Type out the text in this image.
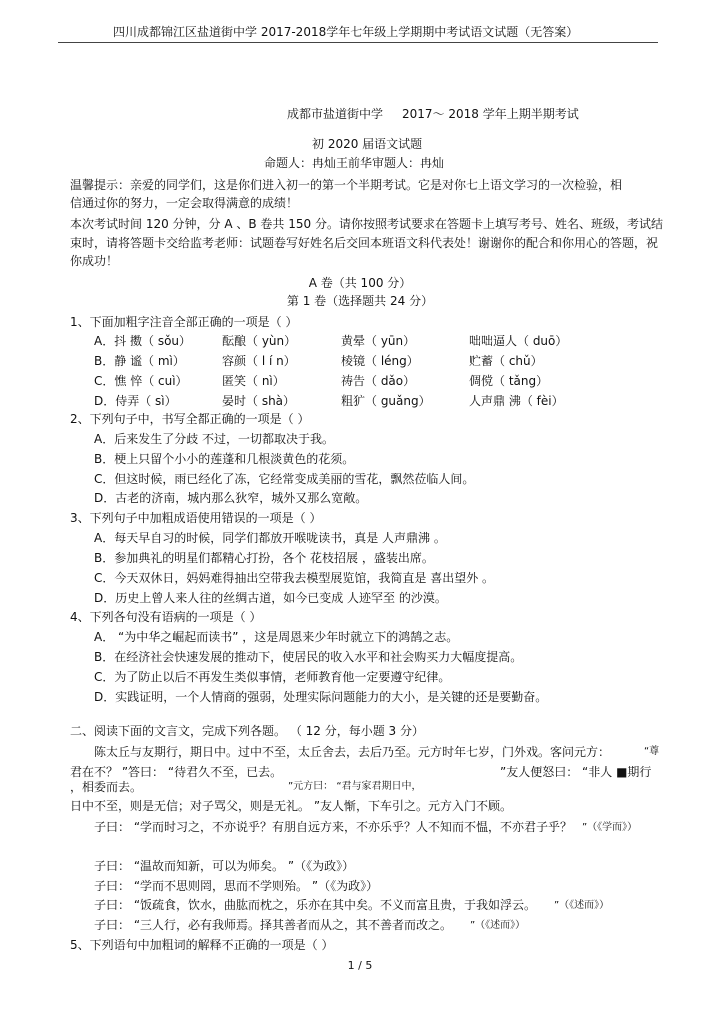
四川成都锦江区盐道街中学 2017-2018学年七年级上学期期中考试语文试题（无答案）
成都市盐道街中学 2017～ 2018 学年上期半期考试
初 2020 届语文试题
命题人：冉灿王前华审题人：冉灿
温馨提示：亲爱的同学们，这是你们进入初一的第一个半期考试。它是对你七上语文学习的一次检验，相
信通过你的努力，一定会取得满意的成绩！
本次考试时间 120 分钟，分 A 、B 卷共 150 分。请你按照考试要求在答题卡上填写考号、姓名、班级，考试结
束时，请将答题卡交给监考老师：试题卷写好姓名后交回本班语文科代表处！谢谢你的配合和你用心的答题，祝
你成功！
A 卷（共 100 分）
第 1 卷（选择题共 24 分）
1、下面加粗字注音全部正确的一项是（ ）
A．抖 擞（ sǒu）	酝酿（ yùn）	黄晕（ yūn）	咄咄逼人（ duō）
B．静 谧（ mì）	容颜（ l í n）	棱镜（ léng）	贮蓄（ chǔ）
C．憔 悴（ cuì）	匿笑（ nì）	祷告（ dǎo）	倜傥（ tǎng）
D．侍弄（ sì）	晏时（ shà）	粗犷（ guǎng）	人声鼎 沸（ fèi）
2、下列句子中，书写全都正确的一项是（ ）
A．后来发生了分歧 不过，一切都取决于我。
B．梗上只留个小小的莲蓬和几根淡黄色的花须。
C．但这时候，雨已经化了冻，它经常变成美丽的雪花，飘然莅临人间。
D．古老的济南，城内那么狄窄，城外又那么宽敞。
3、下列句子中加粗成语使用错误的一项是（ ）
A．每天早自习的时候，同学们都放开喉咙读书，真是 人声鼎沸 。
B．参加典礼的明星们都精心打扮，各个 花枝招展 ，盛装出席。
C．今天双休日，妈妈难得抽出空带我去模型展览馆，我简直是 喜出望外 。
D．历史上曾人来人往的丝绸古道，如今已变成 人迹罕至 的沙漠。
4、下列各句没有语病的一项是（ ）
A． “为中华之崛起而读书” ，这是周恩来少年时就立下的鸿鹄之志。
B．在经济社会快速发展的推动下，使居民的收入水平和社会购买力大幅度提高。
C．为了防止以后不再发生类似事情，老师教育他一定要遵守纪律。
D．实践证明，一个人情商的强弱，处理实际问题能力的大小，是关键的还是要勤奋。
二、阅读下面的文言文，完成下列各题。 （ 12 分，每小题 3 分）
陈太丘与友期行，期日中。过中不至，太丘舍去，去后乃至。元方时年七岁，门外戏。客问元方：	“尊
君在不？ ”答曰： “待君久不至，已去。	”友人便怒曰： “非人 ■期行
，相委而去。	”元方曰： “君与家君期日中，
日中不至，则是无信；对子骂父，则是无礼。 ”友人惭，下车引之。元方入门不顾。
子曰： “学而时习之，不亦说乎？有朋自远方来，不亦乐乎？人不知而不愠，不亦君子乎？ ”（《学而》）
子曰： “温故而知新，可以为师矣。 ”（《为政》）
子曰： “学而不思则罔，思而不学则殆。 ”（《为政》）
子曰： “饭疏食，饮水，曲肱而枕之，乐亦在其中矣。不义而富且贵，于我如浮云。 ”（《述而》）
子曰： “三人行，必有我师焉。择其善者而从之，其不善者而改之。 ”（《述而》）
5、下列语句中加粗词的解释不正确的一项是（ ）
1 / 5
